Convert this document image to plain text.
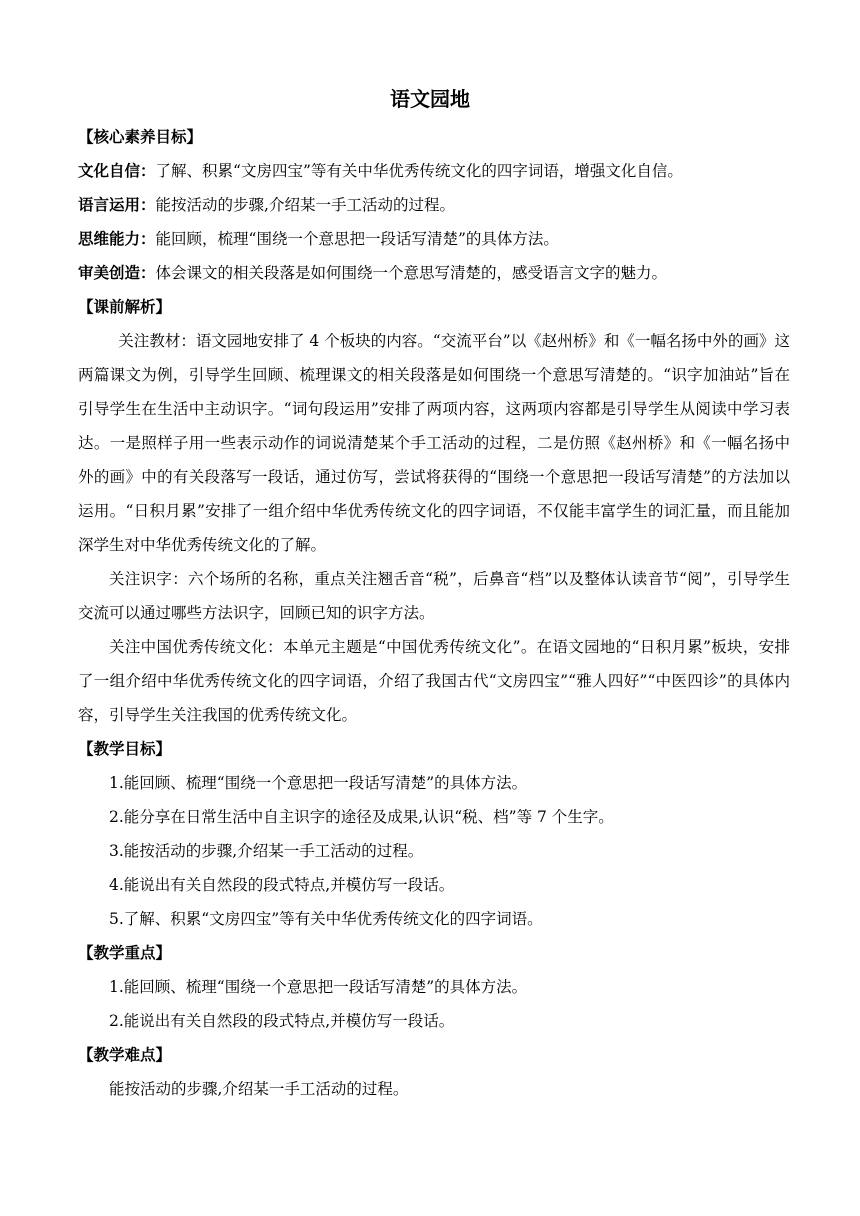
语文园地

【核心素养目标】

文化自信：了解、积累“文房四宝”等有关中华优秀传统文化的四字词语，增强文化自信。

语言运用：能按活动的步骤,介绍某一手工活动的过程。

思维能力：能回顾，梳理“围绕一个意思把一段话写清楚”的具体方法。

审美创造：体会课文的相关段落是如何围绕一个意思写清楚的，感受语言文字的魅力。

【课前解析】

关注教材：语文园地安排了 4 个板块的内容。“交流平台”以《赵州桥》和《一幅名扬中外的画》这两篇课文为例，引导学生回顾、梳理课文的相关段落是如何围绕一个意思写清楚的。“识字加油站”旨在引导学生在生活中主动识字。“词句段运用”安排了两项内容，这两项内容都是引导学生从阅读中学习表达。一是照样子用一些表示动作的词说清楚某个手工活动的过程，二是仿照《赵州桥》和《一幅名扬中外的画》中的有关段落写一段话，通过仿写，尝试将获得的“围绕一个意思把一段话写清楚”的方法加以运用。“日积月累”安排了一组介绍中华优秀传统文化的四字词语，不仅能丰富学生的词汇量，而且能加深学生对中华优秀传统文化的了解。

关注识字：六个场所的名称，重点关注翘舌音“税”，后鼻音“档”以及整体认读音节“阅”，引导学生交流可以通过哪些方法识字，回顾已知的识字方法。

关注中国优秀传统文化：本单元主题是“中国优秀传统文化”。在语文园地的“日积月累”板块，安排了一组介绍中华优秀传统文化的四字词语，介绍了我国古代“文房四宝”“雅人四好”“中医四诊”的具体内容，引导学生关注我国的优秀传统文化。

【教学目标】

1.能回顾、梳理“围绕一个意思把一段话写清楚”的具体方法。

2.能分享在日常生活中自主识字的途径及成果,认识“税、档”等 7 个生字。

3.能按活动的步骤,介绍某一手工活动的过程。

4.能说出有关自然段的段式特点,并模仿写一段话。

5.了解、积累“文房四宝”等有关中华优秀传统文化的四字词语。

【教学重点】

1.能回顾、梳理“围绕一个意思把一段话写清楚”的具体方法。

2.能说出有关自然段的段式特点,并模仿写一段话。

【教学难点】

能按活动的步骤,介绍某一手工活动的过程。
